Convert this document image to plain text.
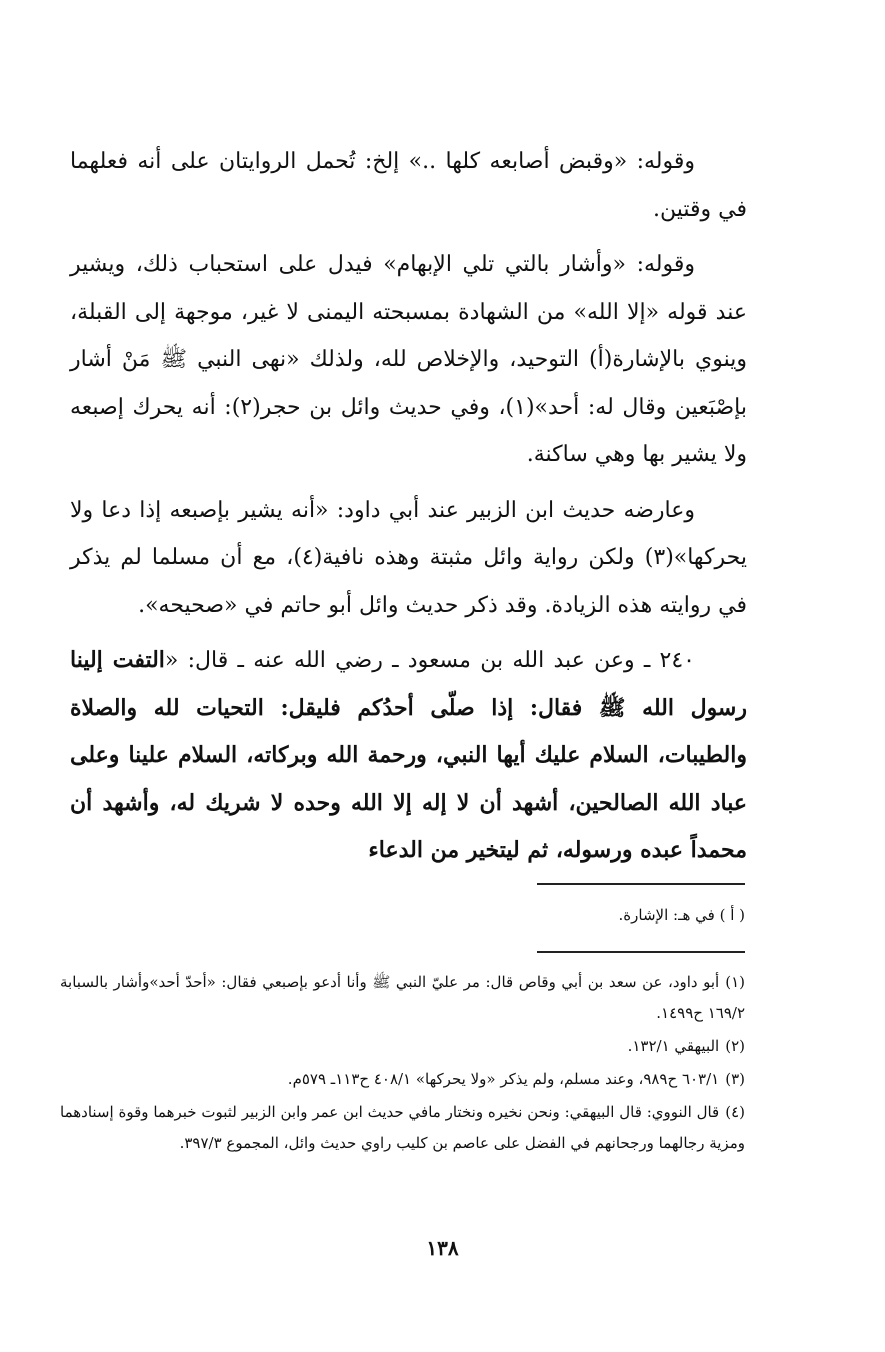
وقوله: «وقبض أصابعه كلها ..» إلخ: تُحمل الروايتان على أنه فعلهما في وقتين.

وقوله: «وأشار بالتي تلي الإبهام» فيدل على استحباب ذلك، ويشير عند قوله «إلا الله» من الشهادة بمسبحته اليمنى لا غير، موجهة إلى القبلة، وينوي بالإشارة(أ) التوحيد، والإخلاص لله، ولذلك «نهى النبي ﷺ مَنْ أشار بإصْبَعين وقال له: أحد»(١)، وفي حديث وائل بن حجر(٢): أنه يحرك إصبعه ولا يشير بها وهي ساكنة.

وعارضه حديث ابن الزبير عند أبي داود: «أنه يشير بإصبعه إذا دعا ولا يحركها»(٣) ولكن رواية وائل مثبتة وهذه نافية(٤)، مع أن مسلما لم يذكر في روايته هذه الزيادة. وقد ذكر حديث وائل أبو حاتم في «صحيحه».

٢٤٠ ـ وعن عبد الله بن مسعود ـ رضي الله عنه ـ قال: «التفت إلينا رسول الله ﷺ فقال: إذا صلّى أحدُكم فليقل: التحيات لله والصلاة والطيبات، السلام عليك أيها النبي، ورحمة الله وبركاته، السلام علينا وعلى عباد الله الصالحين، أشهد أن لا إله إلا الله وحده لا شريك له، وأشهد أن محمداً عبده ورسوله، ثم ليتخير من الدعاء

( أ ) في هـ: الإشارة.

(١)أبو داود، عن سعد بن أبي وقاص قال: مر عليّ النبي ﷺ وأنا أدعو بإصبعي فقال: «أحدّ أحد»وأشار بالسبابة ١٦٩/٢ ح١٤٩٩.

(٢)البيهقي ١٣٢/١.

(٣)٦٠٣/١ ح٩٨٩، وعند مسلم، ولم يذكر «ولا يحركها» ٤٠٨/١ ح١١٣ـ ٥٧٩م.

(٤)قال النووي: قال البيهقي: ونحن نخيره ونختار مافي حديث ابن عمر وابن الزبير لثبوت خبرهما وقوة إسنادهما ومزية رجالهما ورجحانهم في الفضل على عاصم بن كليب راوي حديث وائل، المجموع ٣٩٧/٣.

١٣٨
